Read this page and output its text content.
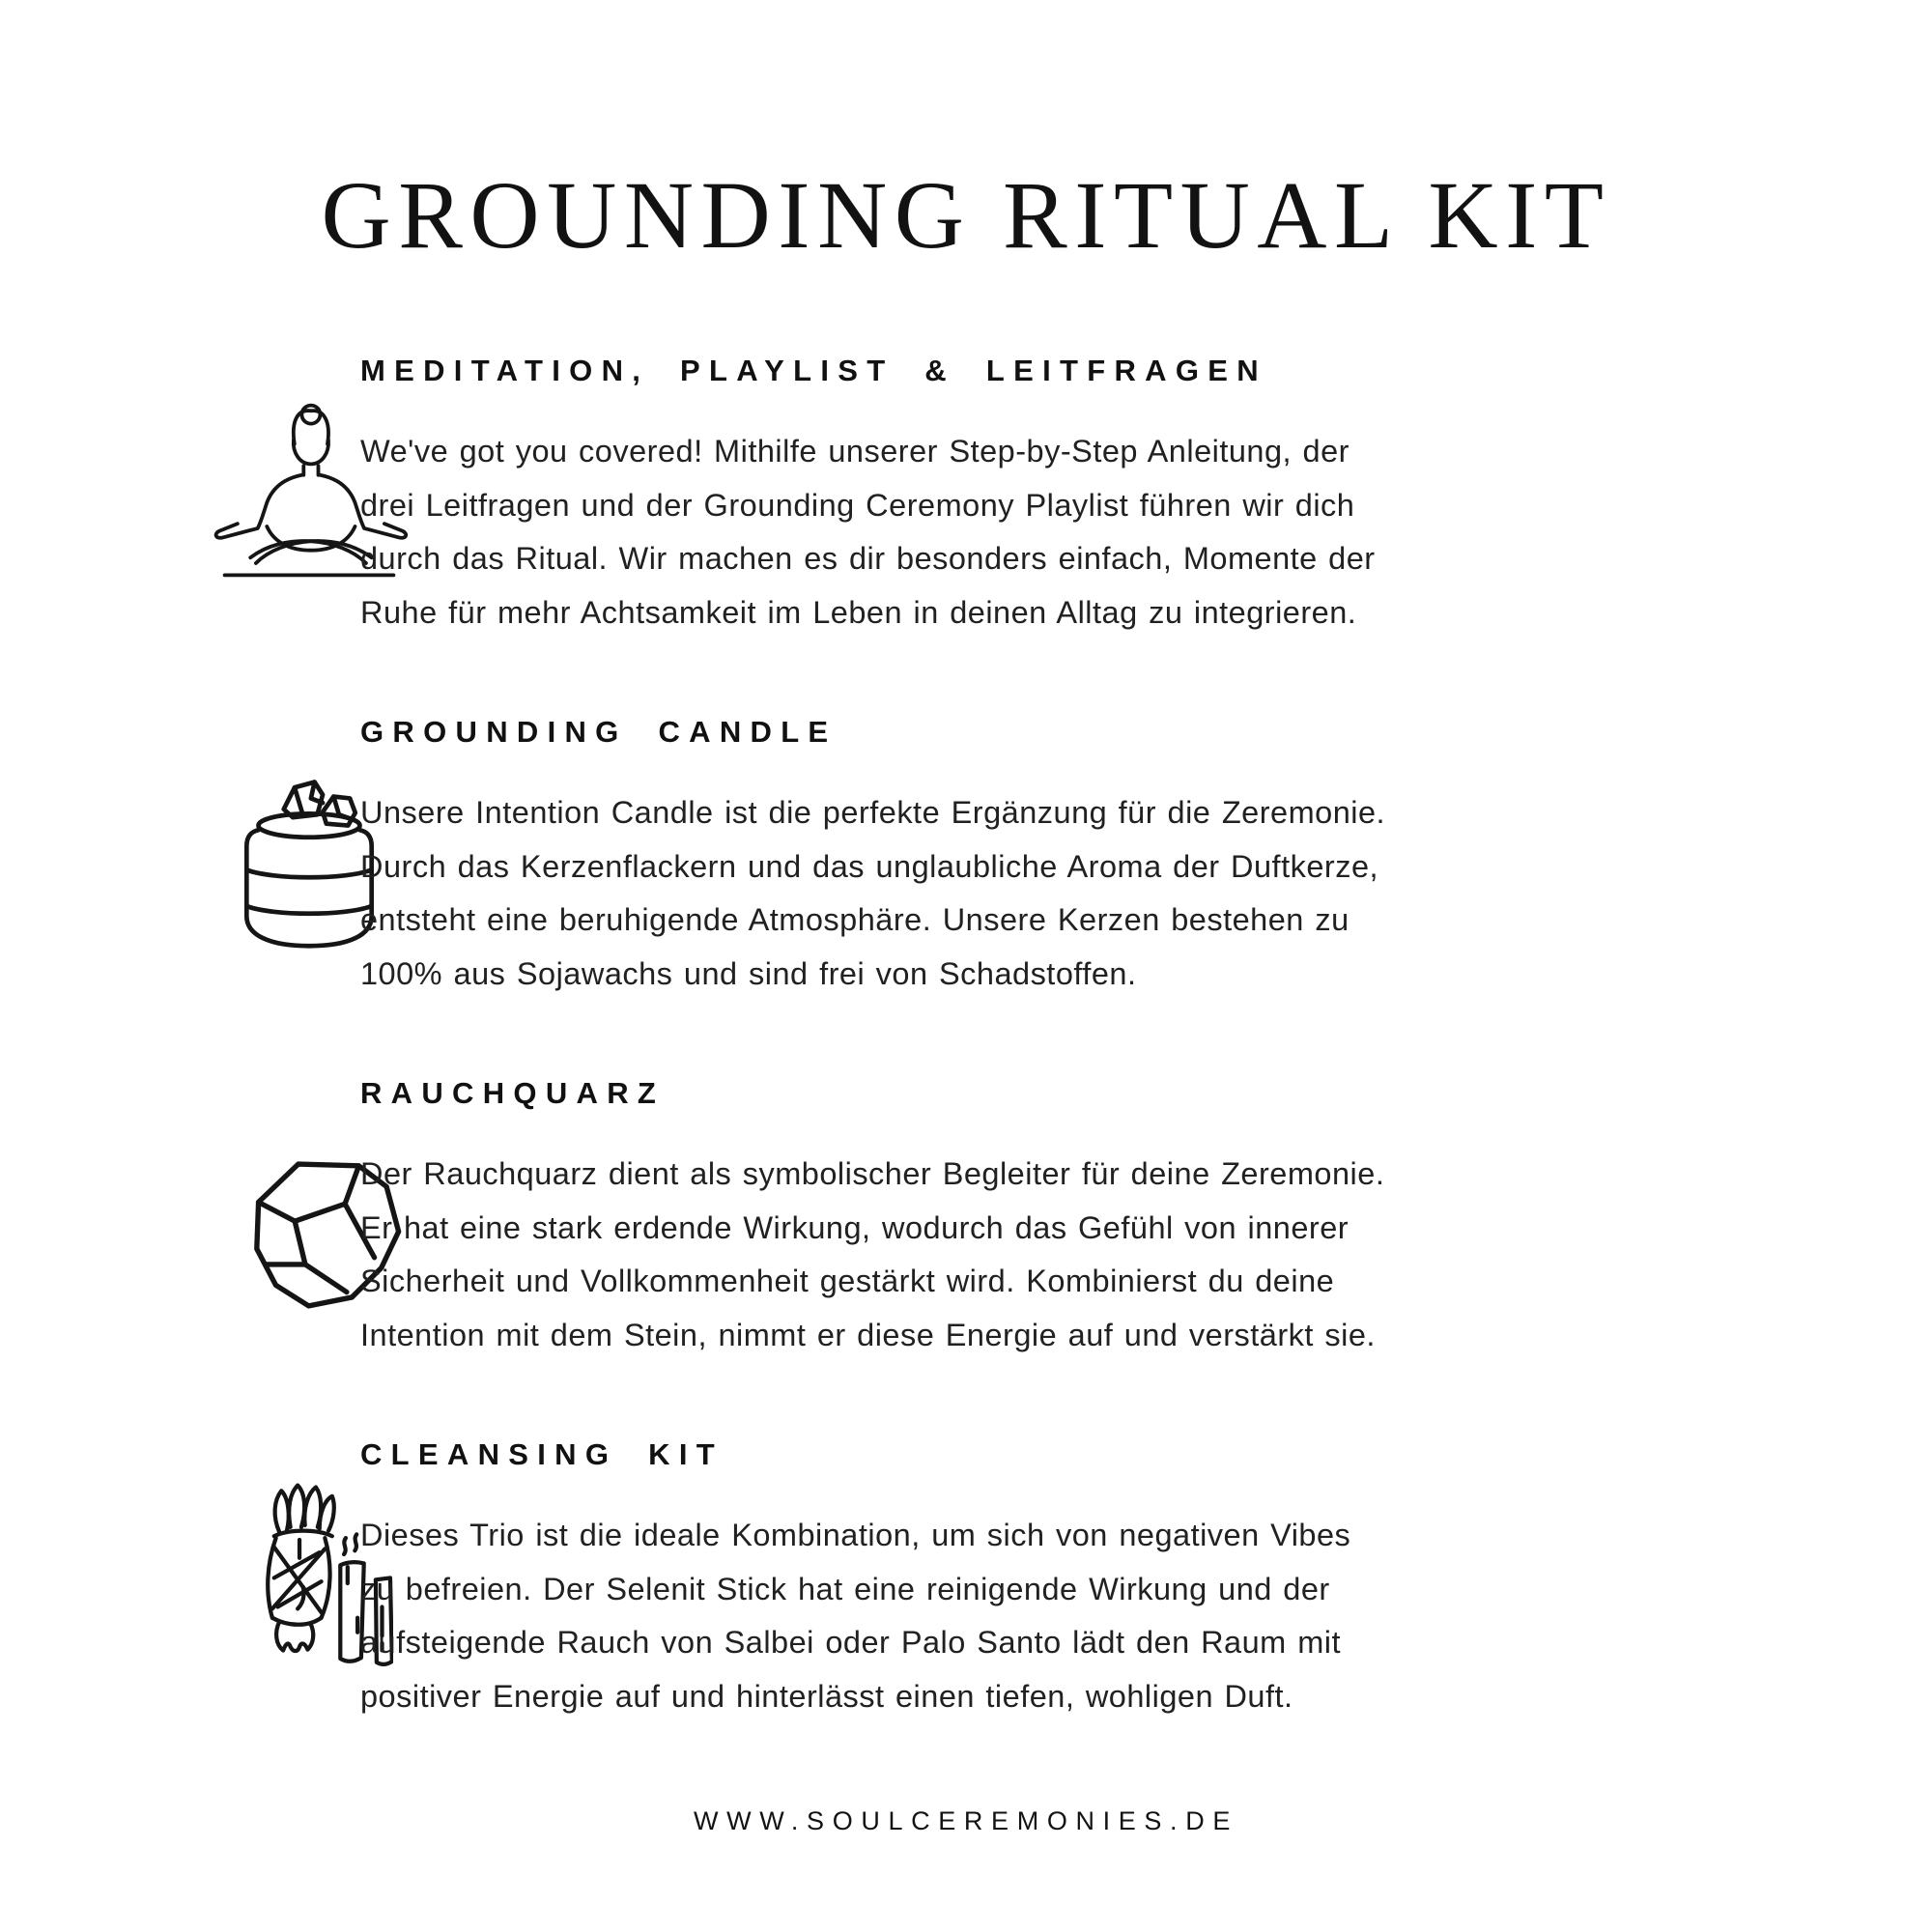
GROUNDING RITUAL KIT
MEDITATION, PLAYLIST & LEITFRAGEN
We've got you covered! Mithilfe unserer Step-by-Step Anleitung, der
drei Leitfragen und der Grounding Ceremony Playlist führen wir dich
durch das Ritual. Wir machen es dir besonders einfach, Momente der
Ruhe für mehr Achtsamkeit im Leben in deinen Alltag zu integrieren.
GROUNDING CANDLE
Unsere Intention Candle ist die perfekte Ergänzung für die Zeremonie.
Durch das Kerzenflackern und das unglaubliche Aroma der Duftkerze,
entsteht eine beruhigende Atmosphäre. Unsere Kerzen bestehen zu
100% aus Sojawachs und sind frei von Schadstoffen.
RAUCHQUARZ
Der Rauchquarz dient als symbolischer Begleiter für deine Zeremonie.
Er hat eine stark erdende Wirkung, wodurch das Gefühl von innerer
Sicherheit und Vollkommenheit gestärkt wird. Kombinierst du deine
Intention mit dem Stein, nimmt er diese Energie auf und verstärkt sie.
CLEANSING KIT
Dieses Trio ist die ideale Kombination, um sich von negativen Vibes
zu befreien. Der Selenit Stick hat eine reinigende Wirkung und der
aufsteigende Rauch von Salbei oder Palo Santo lädt den Raum mit
positiver Energie auf und hinterlässt einen tiefen, wohligen Duft.
WWW.SOULCEREMONIES.DE
